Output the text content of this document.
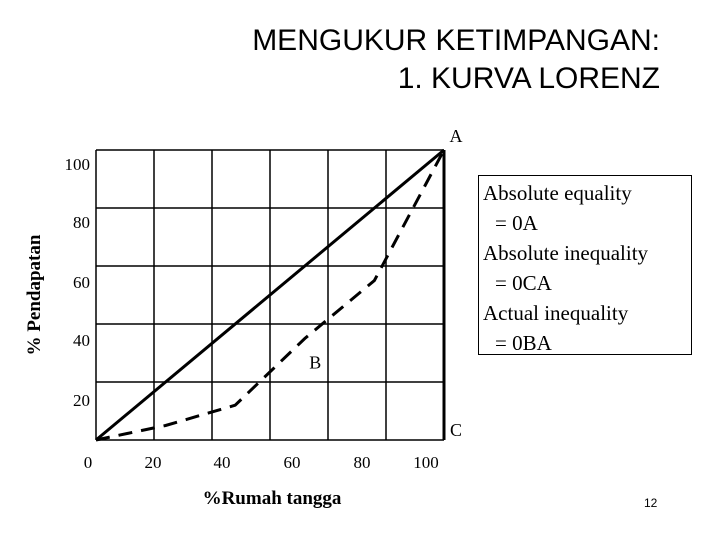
MENGUKUR KETIMPANGAN:
1. KURVA LORENZ
0	20	40	60	80	100
20
40
60
80
100
%Rumah tangga
% Pendapatan
A
B
C
Absolute equality
= 0A
Absolute inequality
= 0CA
Actual inequality
= 0BA
12
